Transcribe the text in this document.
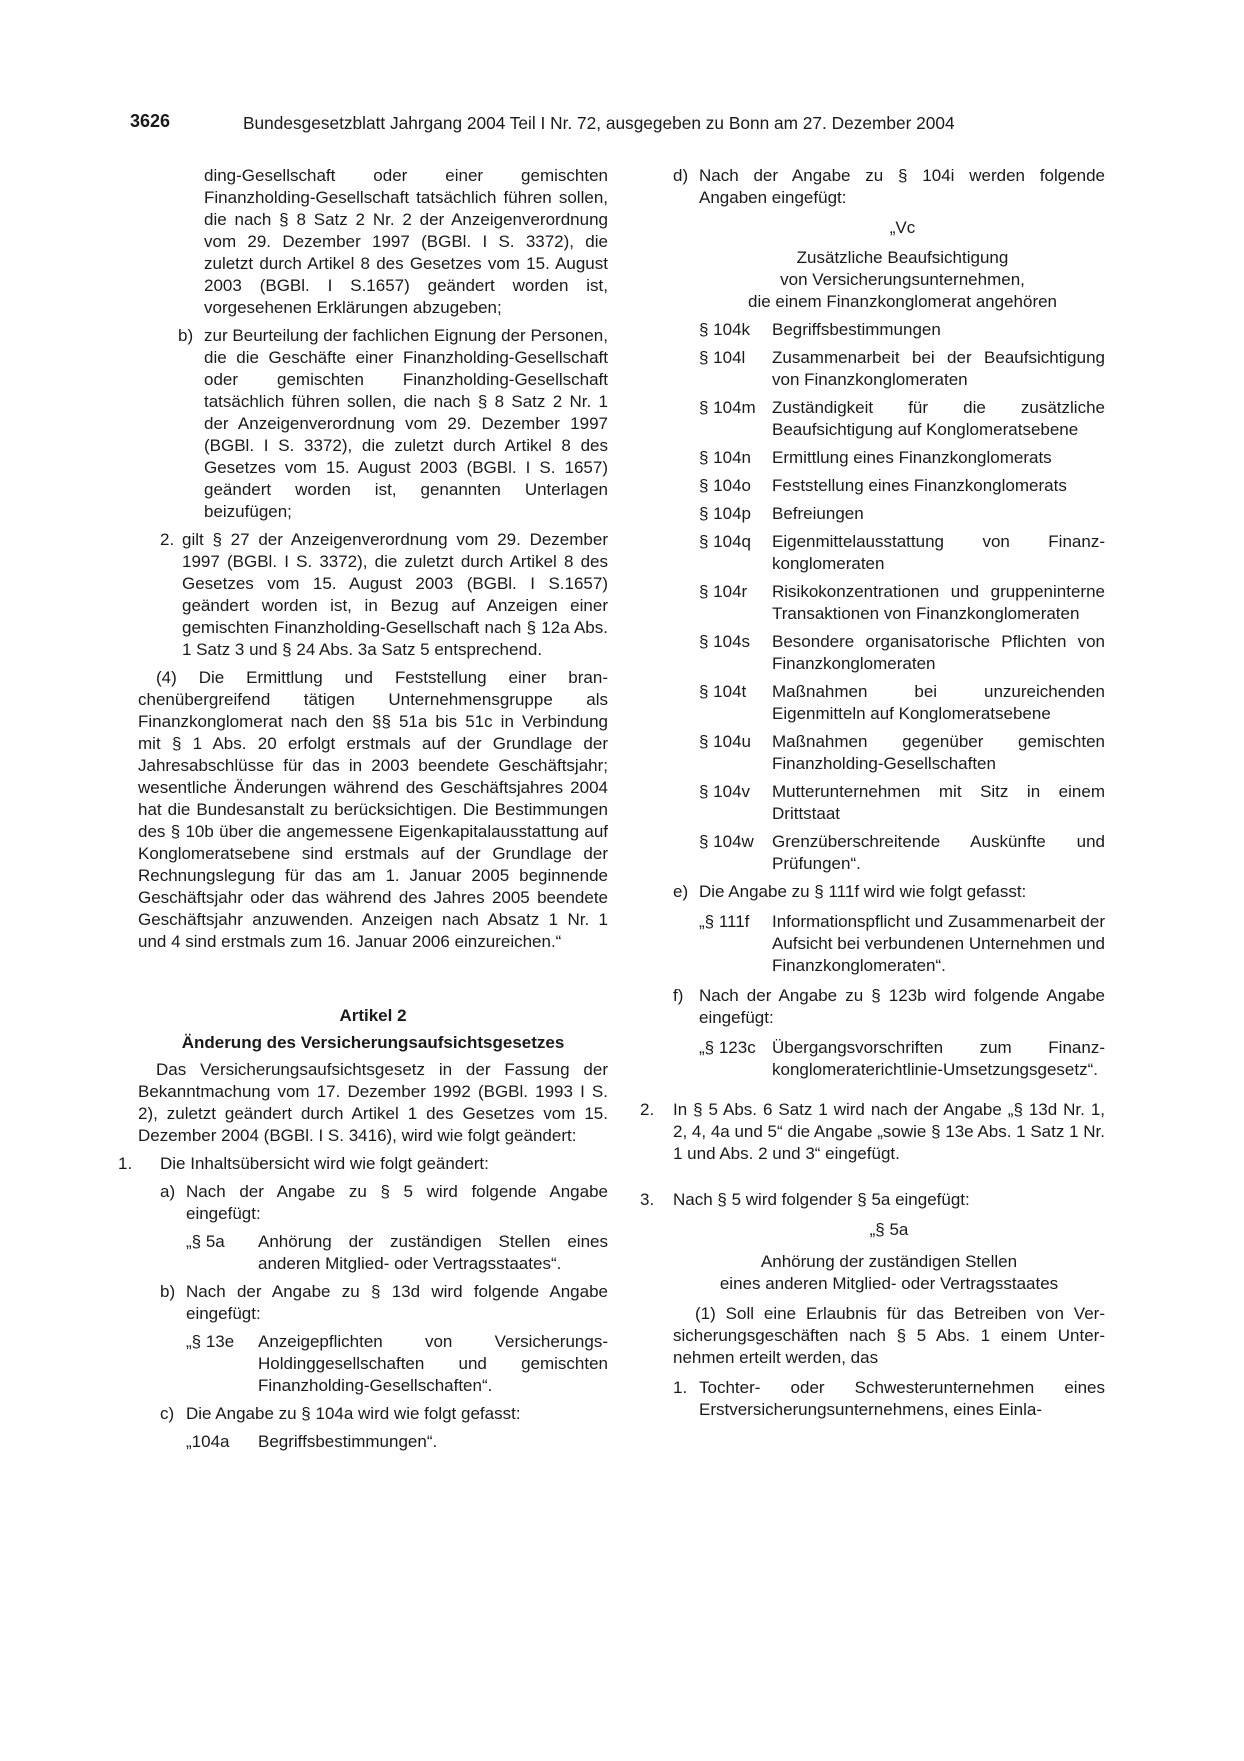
3626	Bundesgesetzblatt Jahrgang 2004 Teil I Nr. 72, ausgegeben zu Bonn am 27. Dezember 2004
ding-Gesellschaft oder einer gemischten Finanzholding-Gesellschaft tatsächlich führen sollen, die nach § 8 Satz 2 Nr. 2 der Anzeigenverordnung vom 29. Dezember 1997 (BGBl. I S. 3372), die zuletzt durch Artikel 8 des Gesetzes vom 15. August 2003 (BGBl. I S.1657) geändert worden ist, vorgesehenen Erklärungen abzugeben;
b) zur Beurteilung der fachlichen Eignung der Personen, die die Geschäfte einer Finanzholding-Gesellschaft oder gemischten Finanzholding-Gesellschaft tatsächlich führen sollen, die nach § 8 Satz 2 Nr. 1 der Anzeigenverordnung vom 29. Dezember 1997 (BGBl. I S. 3372), die zuletzt durch Artikel 8 des Gesetzes vom 15. August 2003 (BGBl. I S. 1657) geändert worden ist, genannten Unterlagen beizufügen;
2. gilt § 27 der Anzeigenverordnung vom 29. Dezember 1997 (BGBl. I S. 3372), die zuletzt durch Artikel 8 des Gesetzes vom 15. August 2003 (BGBl. I S.1657) geändert worden ist, in Bezug auf Anzeigen einer gemischten Finanzholding-Gesellschaft nach § 12a Abs. 1 Satz 3 und § 24 Abs. 3a Satz 5 entsprechend.
(4) Die Ermittlung und Feststellung einer branchenübergreifend tätigen Unternehmensgruppe als Finanzkonglomerat nach den §§ 51a bis 51c in Verbindung mit § 1 Abs. 20 erfolgt erstmals auf der Grundlage der Jahresabschlüsse für das in 2003 beendete Geschäftsjahr; wesentliche Änderungen während des Geschäftsjahres 2004 hat die Bundesanstalt zu berücksichtigen. Die Bestimmungen des § 10b über die angemessene Eigenkapitalausstattung auf Konglomeratsebene sind erstmals auf der Grundlage der Rechnungslegung für das am 1. Januar 2005 beginnende Geschäftsjahr oder das während des Jahres 2005 beendete Geschäftsjahr anzuwenden. Anzeigen nach Absatz 1 Nr. 1 und 4 sind erstmals zum 16. Januar 2006 einzureichen.“
Artikel 2
Änderung des Versicherungsaufsichtsgesetzes
Das Versicherungsaufsichtsgesetz in der Fassung der Bekanntmachung vom 17. Dezember 1992 (BGBl. 1993 I S. 2), zuletzt geändert durch Artikel 1 des Gesetzes vom 15. Dezember 2004 (BGBl. I S. 3416), wird wie folgt geändert:
1.	Die Inhaltsübersicht wird wie folgt geändert:
a) Nach der Angabe zu § 5 wird folgende Angabe eingefügt:
„§ 5a	Anhörung der zuständigen Stellen eines anderen Mitglied- oder Vertragsstaates“.
b) Nach der Angabe zu § 13d wird folgende Angabe eingefügt:
„§ 13e	Anzeigepflichten von Versicherungs-Holdinggesellschaften und gemischten Finanzholding-Gesellschaften“.
c) Die Angabe zu § 104a wird wie folgt gefasst:
„104a	Begriffsbestimmungen“.
d) Nach der Angabe zu § 104i werden folgende Angaben eingefügt:
„Vc
Zusätzliche Beaufsichtigung
von Versicherungsunternehmen,
die einem Finanzkonglomerat angehören
§ 104k	Begriffsbestimmungen
§ 104l	Zusammenarbeit bei der Beaufsichtigung von Finanzkonglomeraten
§ 104m Zuständigkeit für die zusätzliche Beaufsichtigung auf Konglomeratsebene
§ 104n	Ermittlung eines Finanzkonglomerats
§ 104o	Feststellung eines Finanzkonglomerats
§ 104p	Befreiungen
§ 104q	Eigenmittelausstattung von Finanzkonglomeraten
§ 104r	Risikokonzentrationen und gruppeninterne Transaktionen von Finanzkonglomeraten
§ 104s	Besondere organisatorische Pflichten von Finanzkonglomeraten
§ 104t	Maßnahmen bei unzureichenden Eigenmitteln auf Konglomeratsebene
§ 104u	Maßnahmen gegenüber gemischten Finanzholding-Gesellschaften
§ 104v	Mutterunternehmen mit Sitz in einem Drittstaat
§ 104w	Grenzüberschreitende Auskünfte und Prüfungen“.
e) Die Angabe zu § 111f wird wie folgt gefasst:
„§ 111f	Informationspflicht und Zusammenarbeit der Aufsicht bei verbundenen Unternehmen und Finanzkonglomeraten“.
f) Nach der Angabe zu § 123b wird folgende Angabe eingefügt:
„§ 123c Übergangsvorschriften zum Finanzkonglomeraterichtlinie-Umsetzungsgesetz“.
2.	In § 5 Abs. 6 Satz 1 wird nach der Angabe „§ 13d Nr. 1, 2, 4, 4a und 5“ die Angabe „sowie § 13e Abs. 1 Satz 1 Nr. 1 und Abs. 2 und 3“ eingefügt.
3.	Nach § 5 wird folgender § 5a eingefügt:
„§ 5a
Anhörung der zuständigen Stellen
eines anderen Mitglied- oder Vertragsstaates
(1) Soll eine Erlaubnis für das Betreiben von Versicherungsgeschäften nach § 5 Abs. 1 einem Unternehmen erteilt werden, das
1. Tochter- oder Schwesterunternehmen eines Erstversicherungsunternehmens, eines Einla-
